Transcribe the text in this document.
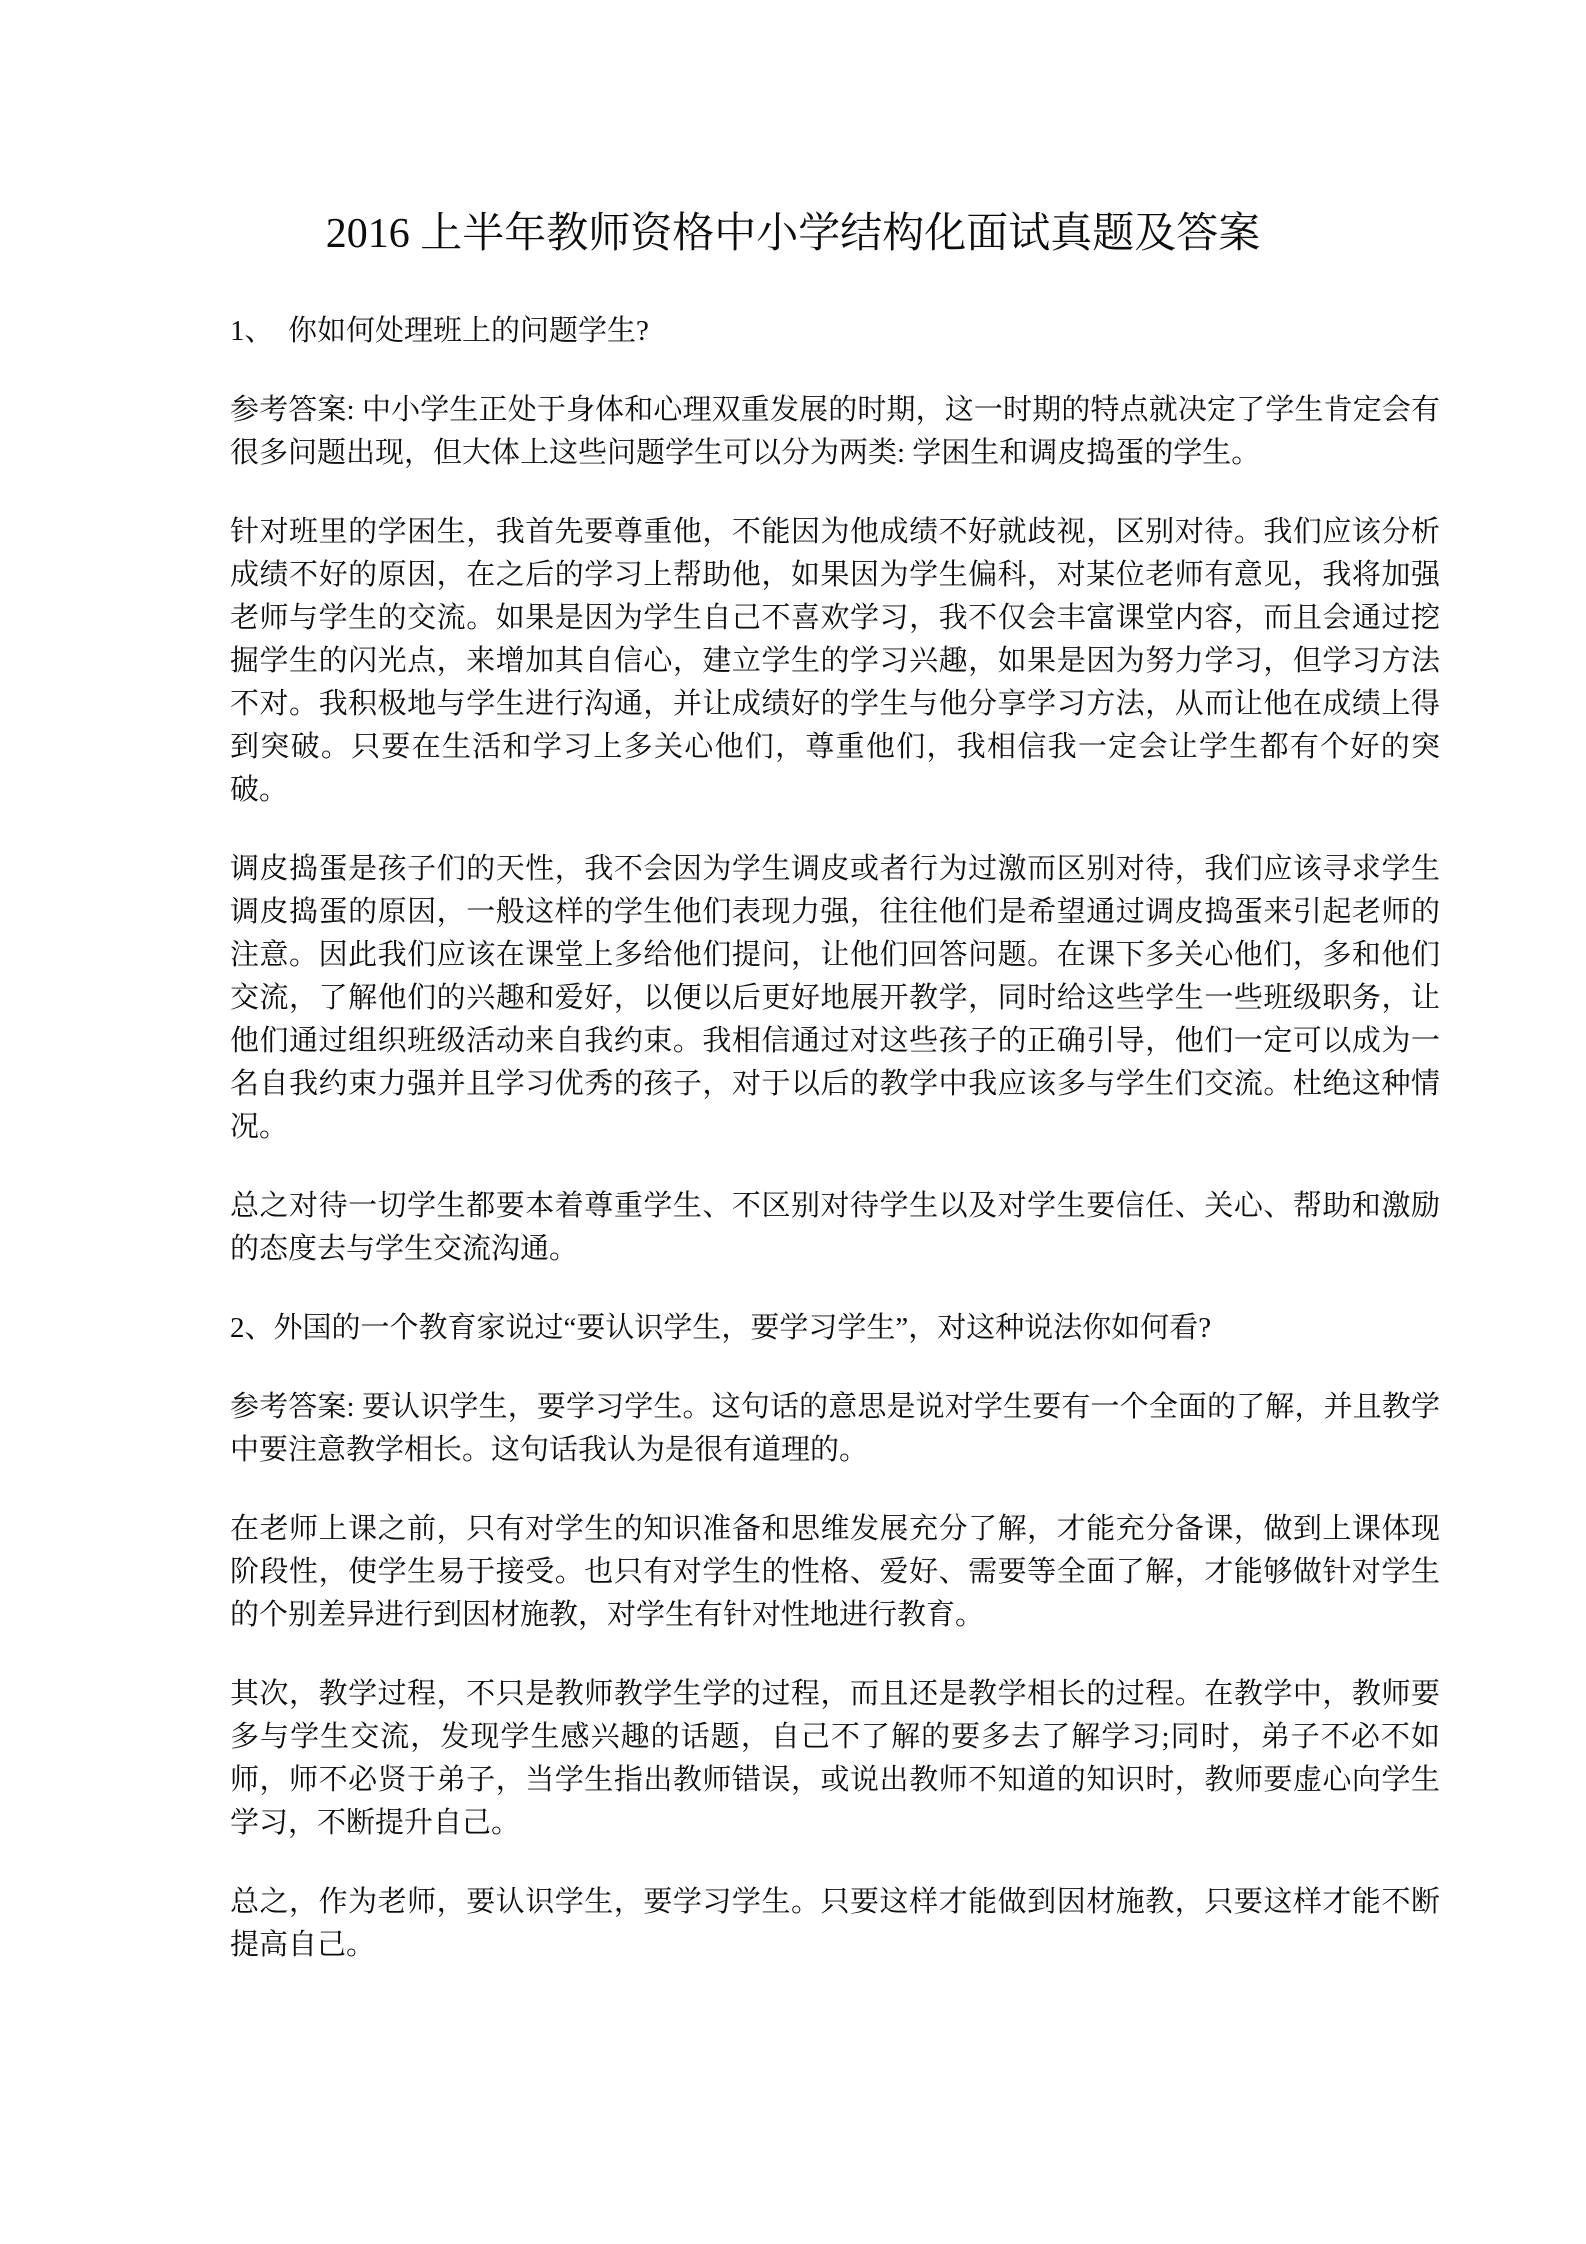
2016 上半年教师资格中小学结构化面试真题及答案

1、 你如何处理班上的问题学生?

参考答案: 中小学生正处于身体和心理双重发展的时期，这一时期的特点就决定了学生肯定会有很多问题出现，但大体上这些问题学生可以分为两类: 学困生和调皮捣蛋的学生。

针对班里的学困生，我首先要尊重他，不能因为他成绩不好就歧视，区别对待。我们应该分析成绩不好的原因，在之后的学习上帮助他，如果因为学生偏科，对某位老师有意见，我将加强老师与学生的交流。如果是因为学生自己不喜欢学习，我不仅会丰富课堂内容，而且会通过挖掘学生的闪光点，来增加其自信心，建立学生的学习兴趣，如果是因为努力学习，但学习方法不对。我积极地与学生进行沟通，并让成绩好的学生与他分享学习方法，从而让他在成绩上得到突破。只要在生活和学习上多关心他们，尊重他们，我相信我一定会让学生都有个好的突破。

调皮捣蛋是孩子们的天性，我不会因为学生调皮或者行为过激而区别对待，我们应该寻求学生调皮捣蛋的原因，一般这样的学生他们表现力强，往往他们是希望通过调皮捣蛋来引起老师的注意。因此我们应该在课堂上多给他们提问，让他们回答问题。在课下多关心他们，多和他们交流，了解他们的兴趣和爱好，以便以后更好地展开教学，同时给这些学生一些班级职务，让他们通过组织班级活动来自我约束。我相信通过对这些孩子的正确引导，他们一定可以成为一名自我约束力强并且学习优秀的孩子，对于以后的教学中我应该多与学生们交流。杜绝这种情况。

总之对待一切学生都要本着尊重学生、不区别对待学生以及对学生要信任、关心、帮助和激励的态度去与学生交流沟通。

2、外国的一个教育家说过“要认识学生，要学习学生”，对这种说法你如何看?

参考答案: 要认识学生，要学习学生。这句话的意思是说对学生要有一个全面的了解，并且教学中要注意教学相长。这句话我认为是很有道理的。

在老师上课之前，只有对学生的知识准备和思维发展充分了解，才能充分备课，做到上课体现阶段性，使学生易于接受。也只有对学生的性格、爱好、需要等全面了解，才能够做针对学生的个别差异进行到因材施教，对学生有针对性地进行教育。

其次，教学过程，不只是教师教学生学的过程，而且还是教学相长的过程。在教学中，教师要多与学生交流，发现学生感兴趣的话题，自己不了解的要多去了解学习;同时，弟子不必不如师，师不必贤于弟子，当学生指出教师错误，或说出教师不知道的知识时，教师要虚心向学生学习，不断提升自己。

总之，作为老师，要认识学生，要学习学生。只要这样才能做到因材施教，只要这样才能不断提高自己。
